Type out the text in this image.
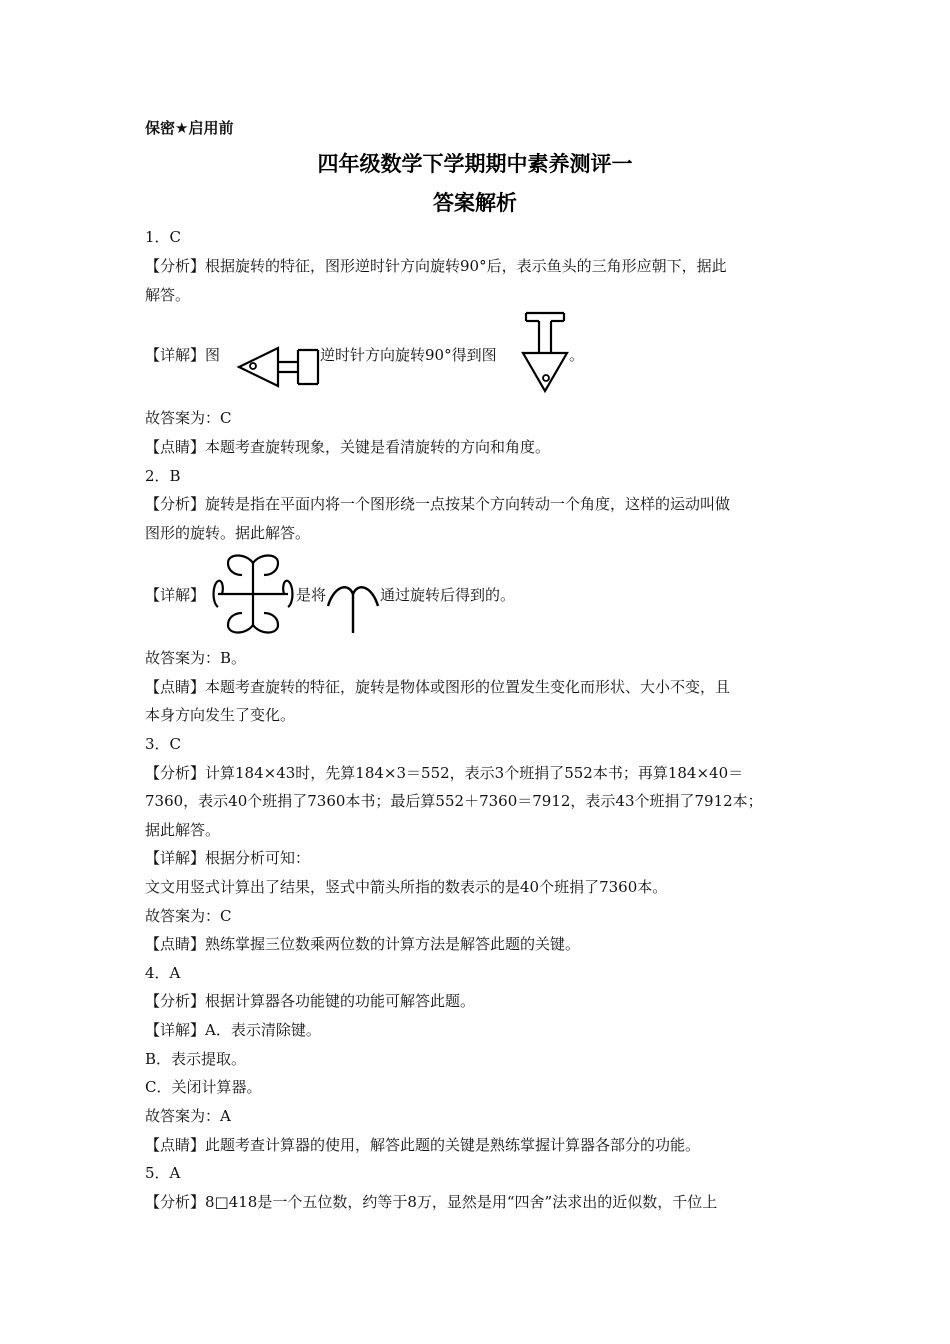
保密★启用前
四年级数学下学期期中素养测评一
答案解析
1．C
【分析】根据旋转的特征，图形逆时针方向旋转90°后，表示鱼头的三角形应朝下，据此
解答。
【详解】图	逆时针方向旋转90°得到图	。
故答案为：C
【点睛】本题考查旋转现象，关键是看清旋转的方向和角度。
2．B
【分析】旋转是指在平面内将一个图形绕一点按某个方向转动一个角度，这样的运动叫做
图形的旋转。据此解答。
【详解】	是将	通过旋转后得到的。
故答案为：B。
【点睛】本题考查旋转的特征，旋转是物体或图形的位置发生变化而形状、大小不变，且
本身方向发生了变化。
3．C
【分析】计算184×43时，先算184×3＝552，表示3个班捐了552本书；再算184×40＝
7360，表示40个班捐了7360本书；最后算552＋7360＝7912，表示43个班捐了7912本；
据此解答。
【详解】根据分析可知：
文文用竖式计算出了结果，竖式中箭头所指的数表示的是40个班捐了7360本。
故答案为：C
【点睛】熟练掌握三位数乘两位数的计算方法是解答此题的关键。
4．A
【分析】根据计算器各功能键的功能可解答此题。
【详解】A．表示清除键。
B．表示提取。
C．关闭计算器。
故答案为：A
【点睛】此题考查计算器的使用，解答此题的关键是熟练掌握计算器各部分的功能。
5．A
【分析】8□418是一个五位数，约等于8万，显然是用“四舍”法求出的近似数，千位上
